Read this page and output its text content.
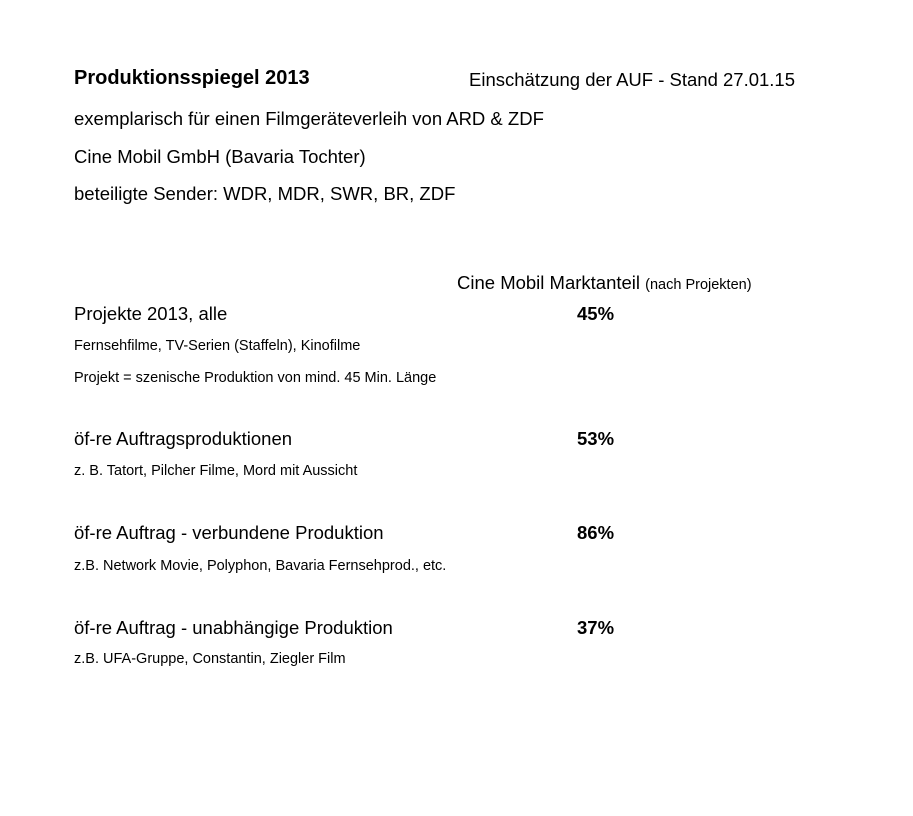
Produktionsspiegel 2013	Einschätzung der AUF - Stand 27.01.15
exemplarisch für einen Filmgeräteverleih von ARD & ZDF
Cine Mobil GmbH (Bavaria Tochter)
beteiligte Sender: WDR, MDR, SWR, BR, ZDF
Cine Mobil Marktanteil (nach Projekten)
Projekte 2013, alle	45%
Fernsehfilme, TV-Serien (Staffeln), Kinofilme
Projekt = szenische Produktion von mind. 45 Min. Länge
öf-re Auftragsproduktionen	53%
z. B. Tatort, Pilcher Filme, Mord mit Aussicht
öf-re Auftrag - verbundene Produktion	86%
z.B. Network Movie, Polyphon, Bavaria Fernsehprod., etc.
öf-re Auftrag - unabhängige Produktion	37%
z.B. UFA-Gruppe, Constantin, Ziegler Film
